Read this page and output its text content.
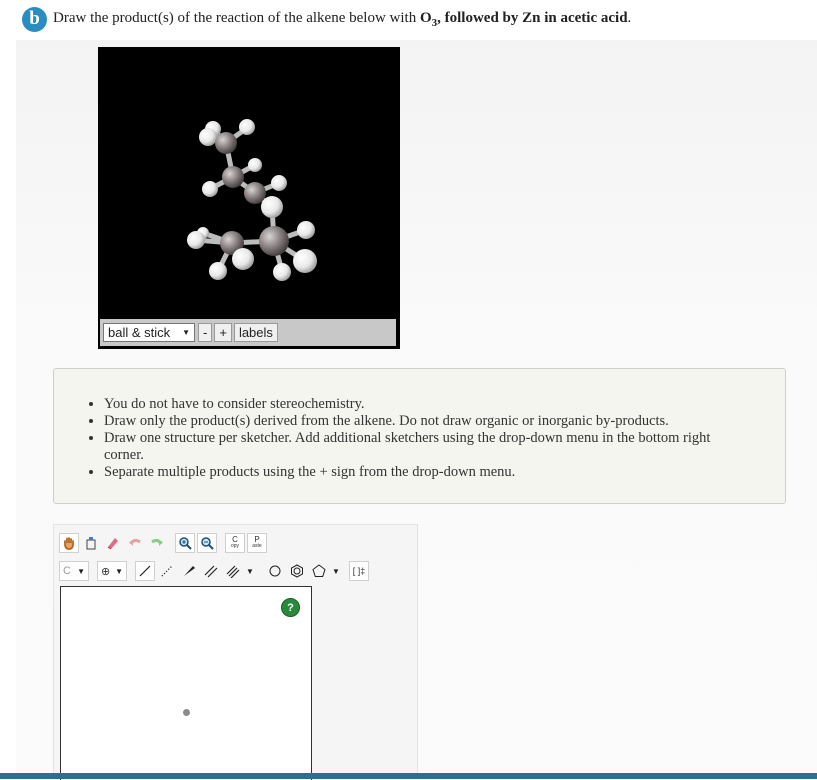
b Draw the product(s) of the reaction of the alkene below with $O_3$, followed by Zn in acetic acid.
ball & stick ▼	- + labels
• You do not have to consider stereochemistry.
• Draw only the product(s) derived from the alkene. Do not draw organic or inorganic by-products.
• Draw one structure per sketcher. Add additional sketchers using the drop-down menu in the bottom right corner.
• Separate multiple products using the + sign from the drop-down menu.
C
opy
P
aste
C ▼ ⊕ ▼	▼	▼	[ ]‡
?
